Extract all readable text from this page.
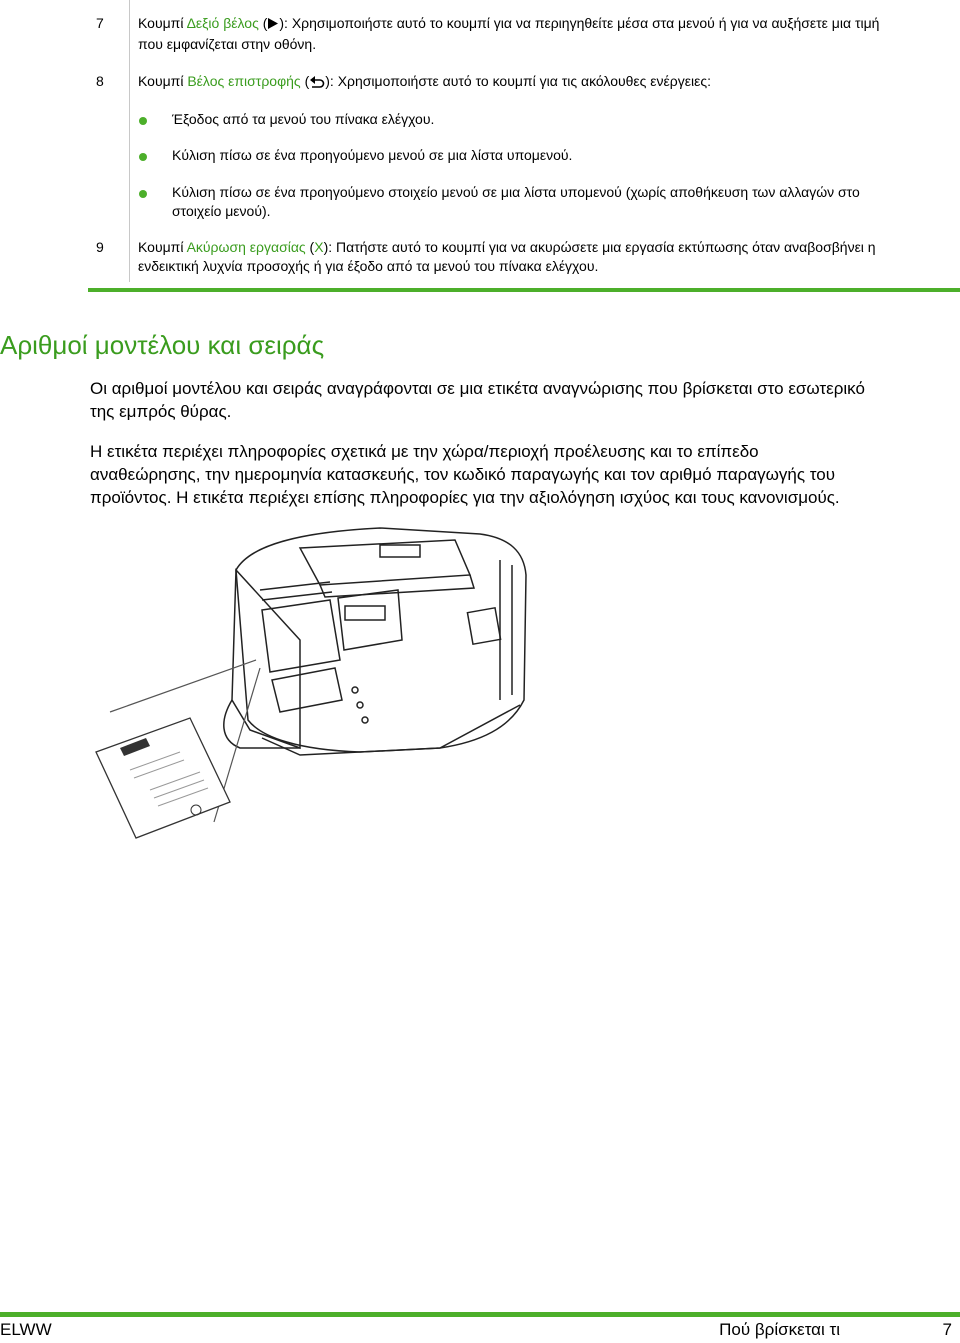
7 Κουμπί Δεξιό βέλος ( ): Χρησιμοποιήστε αυτό το κουμπί για να περιηγηθείτε μέσα στα μενού ή για να αυξήσετε μια τιμή
που εμφανίζεται στην οθόνη.
8 Κουμπί Βέλος επιστροφής ( ): Χρησιμοποιήστε αυτό το κουμπί για τις ακόλουθες ενέργειες:
Έξοδος από τα μενού του πίνακα ελέγχου.
Κύλιση πίσω σε ένα προηγούμενο μενού σε μια λίστα υπομενού.
Κύλιση πίσω σε ένα προηγούμενο στοιχείο μενού σε μια λίστα υπομενού (χωρίς αποθήκευση των αλλαγών στο
στοιχείο μενού).
9 Κουμπί Ακύρωση εργασίας (X): Πατήστε αυτό το κουμπί για να ακυρώσετε μια εργασία εκτύπωσης όταν αναβοσβήνει η
ενδεικτική λυχνία προσοχής ή για έξοδο από τα μενού του πίνακα ελέγχου.
Αριθμοί μοντέλου και σειράς
Οι αριθμοί μοντέλου και σειράς αναγράφονται σε μια ετικέτα αναγνώρισης που βρίσκεται στο εσωτερικό
της εμπρός θύρας.
Η ετικέτα περιέχει πληροφορίες σχετικά με την χώρα/περιοχή προέλευσης και το επίπεδο
αναθεώρησης, την ημερομηνία κατασκευής, τον κωδικό παραγωγής και τον αριθμό παραγωγής του
προϊόντος. Η ετικέτα περιέχει επίσης πληροφορίες για την αξιολόγηση ισχύος και τους κανονισμούς.
ELWW	Πού βρίσκεται τι	7
